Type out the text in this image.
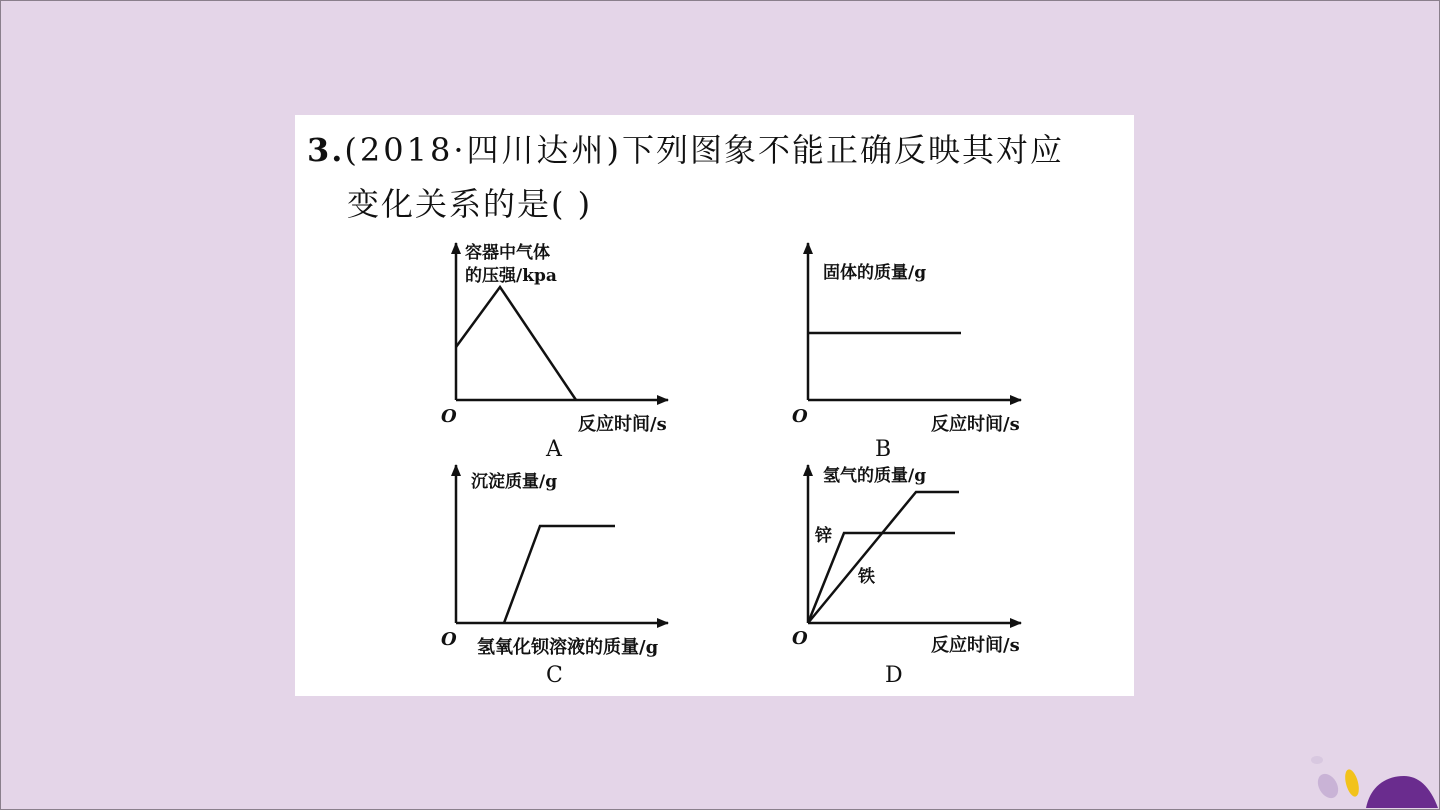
3.(2018·四川达州)下列图象不能正确反映其对应
变化关系的是( )
容器中气体
的压强/kpa
反应时间/s
O
A
固体的质量/g
反应时间/s
O
B
沉淀质量/g
氢氧化钡溶液的质量/g
O
C
氢气的质量/g
锌
铁
反应时间/s
O
D
